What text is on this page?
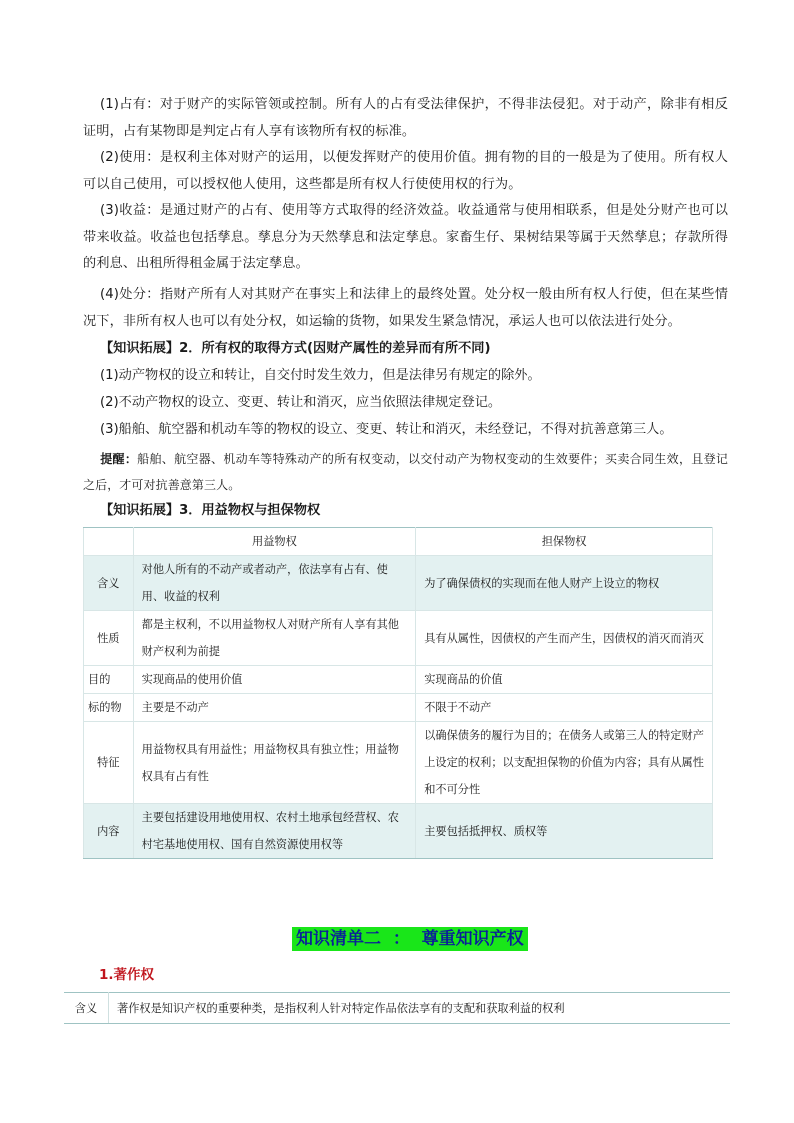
(1)占有：对于财产的实际管领或控制。所有人的占有受法律保护，不得非法侵犯。对于动产，除非有相反证明，占有某物即是判定占有人享有该物所有权的标准。
(2)使用：是权利主体对财产的运用，以便发挥财产的使用价值。拥有物的目的一般是为了使用。所有权人可以自己使用，可以授权他人使用，这些都是所有权人行使使用权的行为。
(3)收益：是通过财产的占有、使用等方式取得的经济效益。收益通常与使用相联系，但是处分财产也可以带来收益。收益也包括孳息。孳息分为天然孳息和法定孳息。家畜生仔、果树结果等属于天然孳息；存款所得的利息、出租所得租金属于法定孳息。
(4)处分：指财产所有人对其财产在事实上和法律上的最终处置。处分权一般由所有权人行使，但在某些情况下，非所有权人也可以有处分权，如运输的货物，如果发生紧急情况，承运人也可以依法进行处分。
【知识拓展】2．所有权的取得方式(因财产属性的差异而有所不同)
(1)动产物权的设立和转让，自交付时发生效力，但是法律另有规定的除外。
(2)不动产物权的设立、变更、转让和消灭，应当依照法律规定登记。
(3)船舶、航空器和机动车等的物权的设立、变更、转让和消灭，未经登记，不得对抗善意第三人。
提醒：船舶、航空器、机动车等特殊动产的所有权变动，以交付动产为物权变动的生效要件；买卖合同生效，且登记之后，才可对抗善意第三人。
【知识拓展】3．用益物权与担保物权
	用益物权	担保物权
含义	对他人所有的不动产或者动产，依法享有占有、使用、收益的权利	为了确保债权的实现而在他人财产上设立的物权
性质	都是主权利，不以用益物权人对财产所有人享有其他财产权利为前提	具有从属性，因债权的产生而产生，因债权的消灭而消灭
目的	实现商品的使用价值	实现商品的价值
标的物	主要是不动产	不限于不动产
特征	用益物权具有用益性；用益物权具有独立性；用益物权具有占有性	以确保债务的履行为目的；在债务人或第三人的特定财产上设定的权利；以支配担保物的价值为内容；具有从属性和不可分性
内容	主要包括建设用地使用权、农村土地承包经营权、农村宅基地使用权、国有自然资源使用权等	主要包括抵押权、质权等
知识清单二  ：  尊重知识产权
1.著作权
含义	著作权是知识产权的重要种类，是指权利人针对特定作品依法享有的支配和获取利益的权利
